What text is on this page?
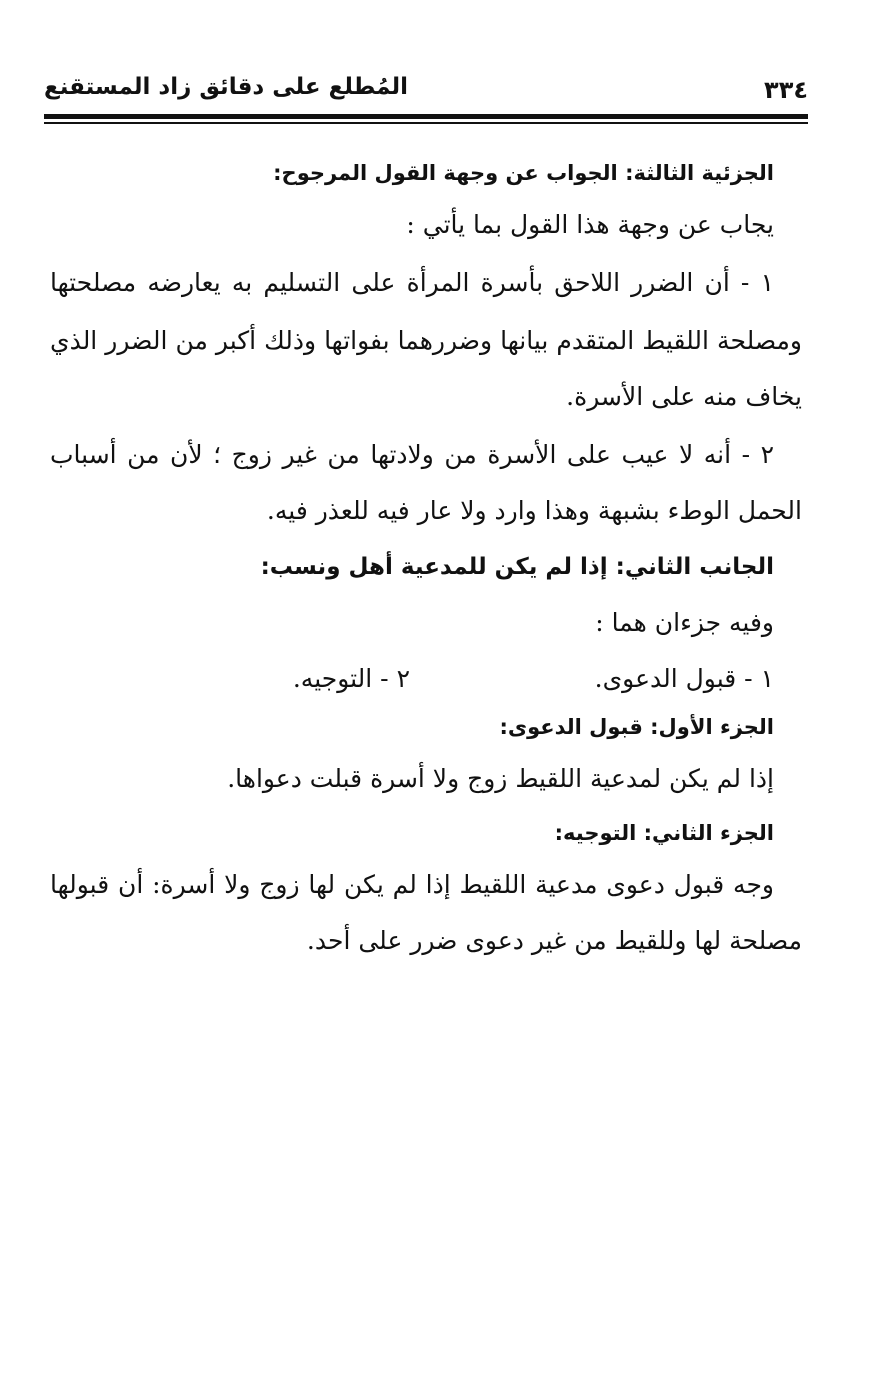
٣٣٤
المُطلع على دقائق زاد المستقنع
الجزئية الثالثة: الجواب عن وجهة القول المرجوح:
يجاب عن وجهة هذا القول بما يأتي :
١ - أن الضرر اللاحق بأسرة المرأة على التسليم به يعارضه مصلحتها
ومصلحة اللقيط المتقدم بيانها وضررهما بفواتها وذلك أكبر من الضرر الذي
يخاف منه على الأسرة.
٢ - أنه لا عيب على الأسرة من ولادتها من غير زوج ؛ لأن من أسباب
الحمل الوطء بشبهة وهذا وارد ولا عار فيه للعذر فيه.
الجانب الثاني: إذا لم يكن للمدعية أهل ونسب:
وفيه جزءان هما :
١ - قبول الدعوى.
٢ - التوجيه.
الجزء الأول: قبول الدعوى:
إذا لم يكن لمدعية اللقيط زوج ولا أسرة قبلت دعواها.
الجزء الثاني: التوجيه:
وجه قبول دعوى مدعية اللقيط إذا لم يكن لها زوج ولا أسرة: أن قبولها
مصلحة لها وللقيط من غير دعوى ضرر على أحد.
